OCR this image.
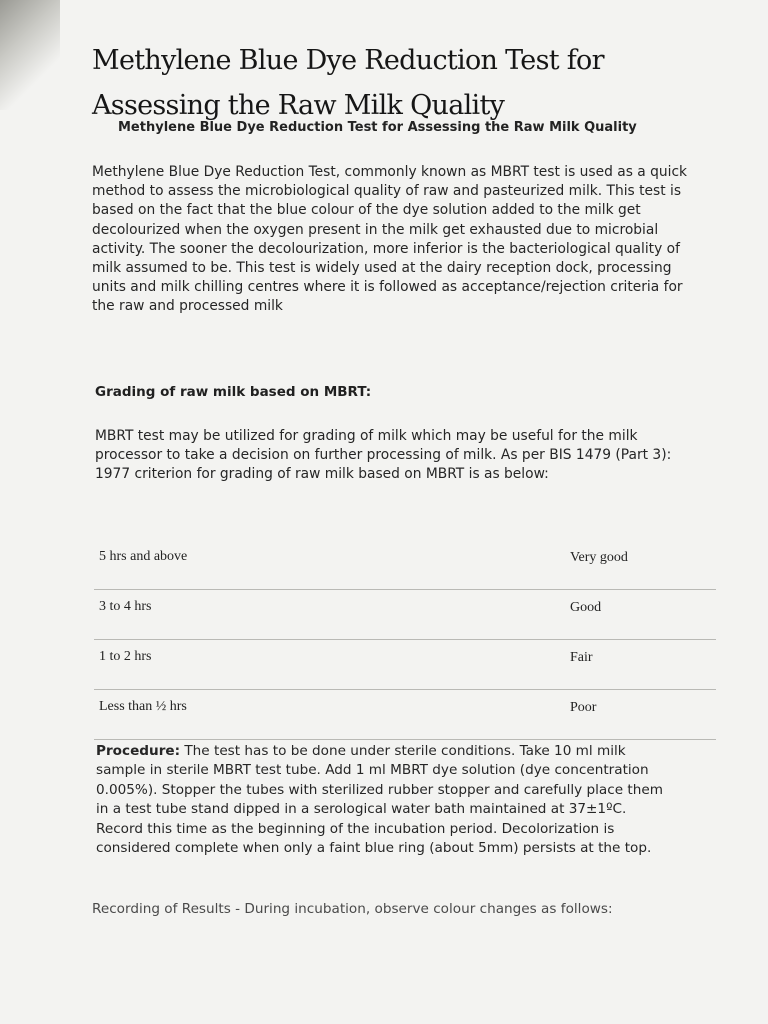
Methylene Blue Dye Reduction Test for Assessing the Raw Milk Quality

Methylene Blue Dye Reduction Test for Assessing the Raw Milk Quality

Methylene Blue Dye Reduction Test, commonly known as MBRT test is used as a quick method to assess the microbiological quality of raw and pasteurized milk. This test is based on the fact that the blue colour of the dye solution added to the milk get decolourized when the oxygen present in the milk get exhausted due to microbial activity. The sooner the decolourization, more inferior is the bacteriological quality of milk assumed to be. This test is widely used at the dairy reception dock, processing units and milk chilling centres where it is followed as acceptance/rejection criteria for the raw and processed milk

Grading of raw milk based on MBRT:

MBRT test may be utilized for grading of milk which may be useful for the milk processor to take a decision on further processing of milk. As per BIS 1479 (Part 3): 1977 criterion for grading of raw milk based on MBRT is as below:

5 hrs and above	Very good
3 to 4 hrs	Good
1 to 2 hrs	Fair
Less than ½ hrs	Poor

Procedure: The test has to be done under sterile conditions. Take 10 ml milk sample in sterile MBRT test tube. Add 1 ml MBRT dye solution (dye concentration 0.005%). Stopper the tubes with sterilized rubber stopper and carefully place them in a test tube stand dipped in a serological water bath maintained at 37±1ºC. Record this time as the beginning of the incubation period. Decolorization is considered complete when only a faint blue ring (about 5mm) persists at the top.

Recording of Results - During incubation, observe colour changes as follows:
